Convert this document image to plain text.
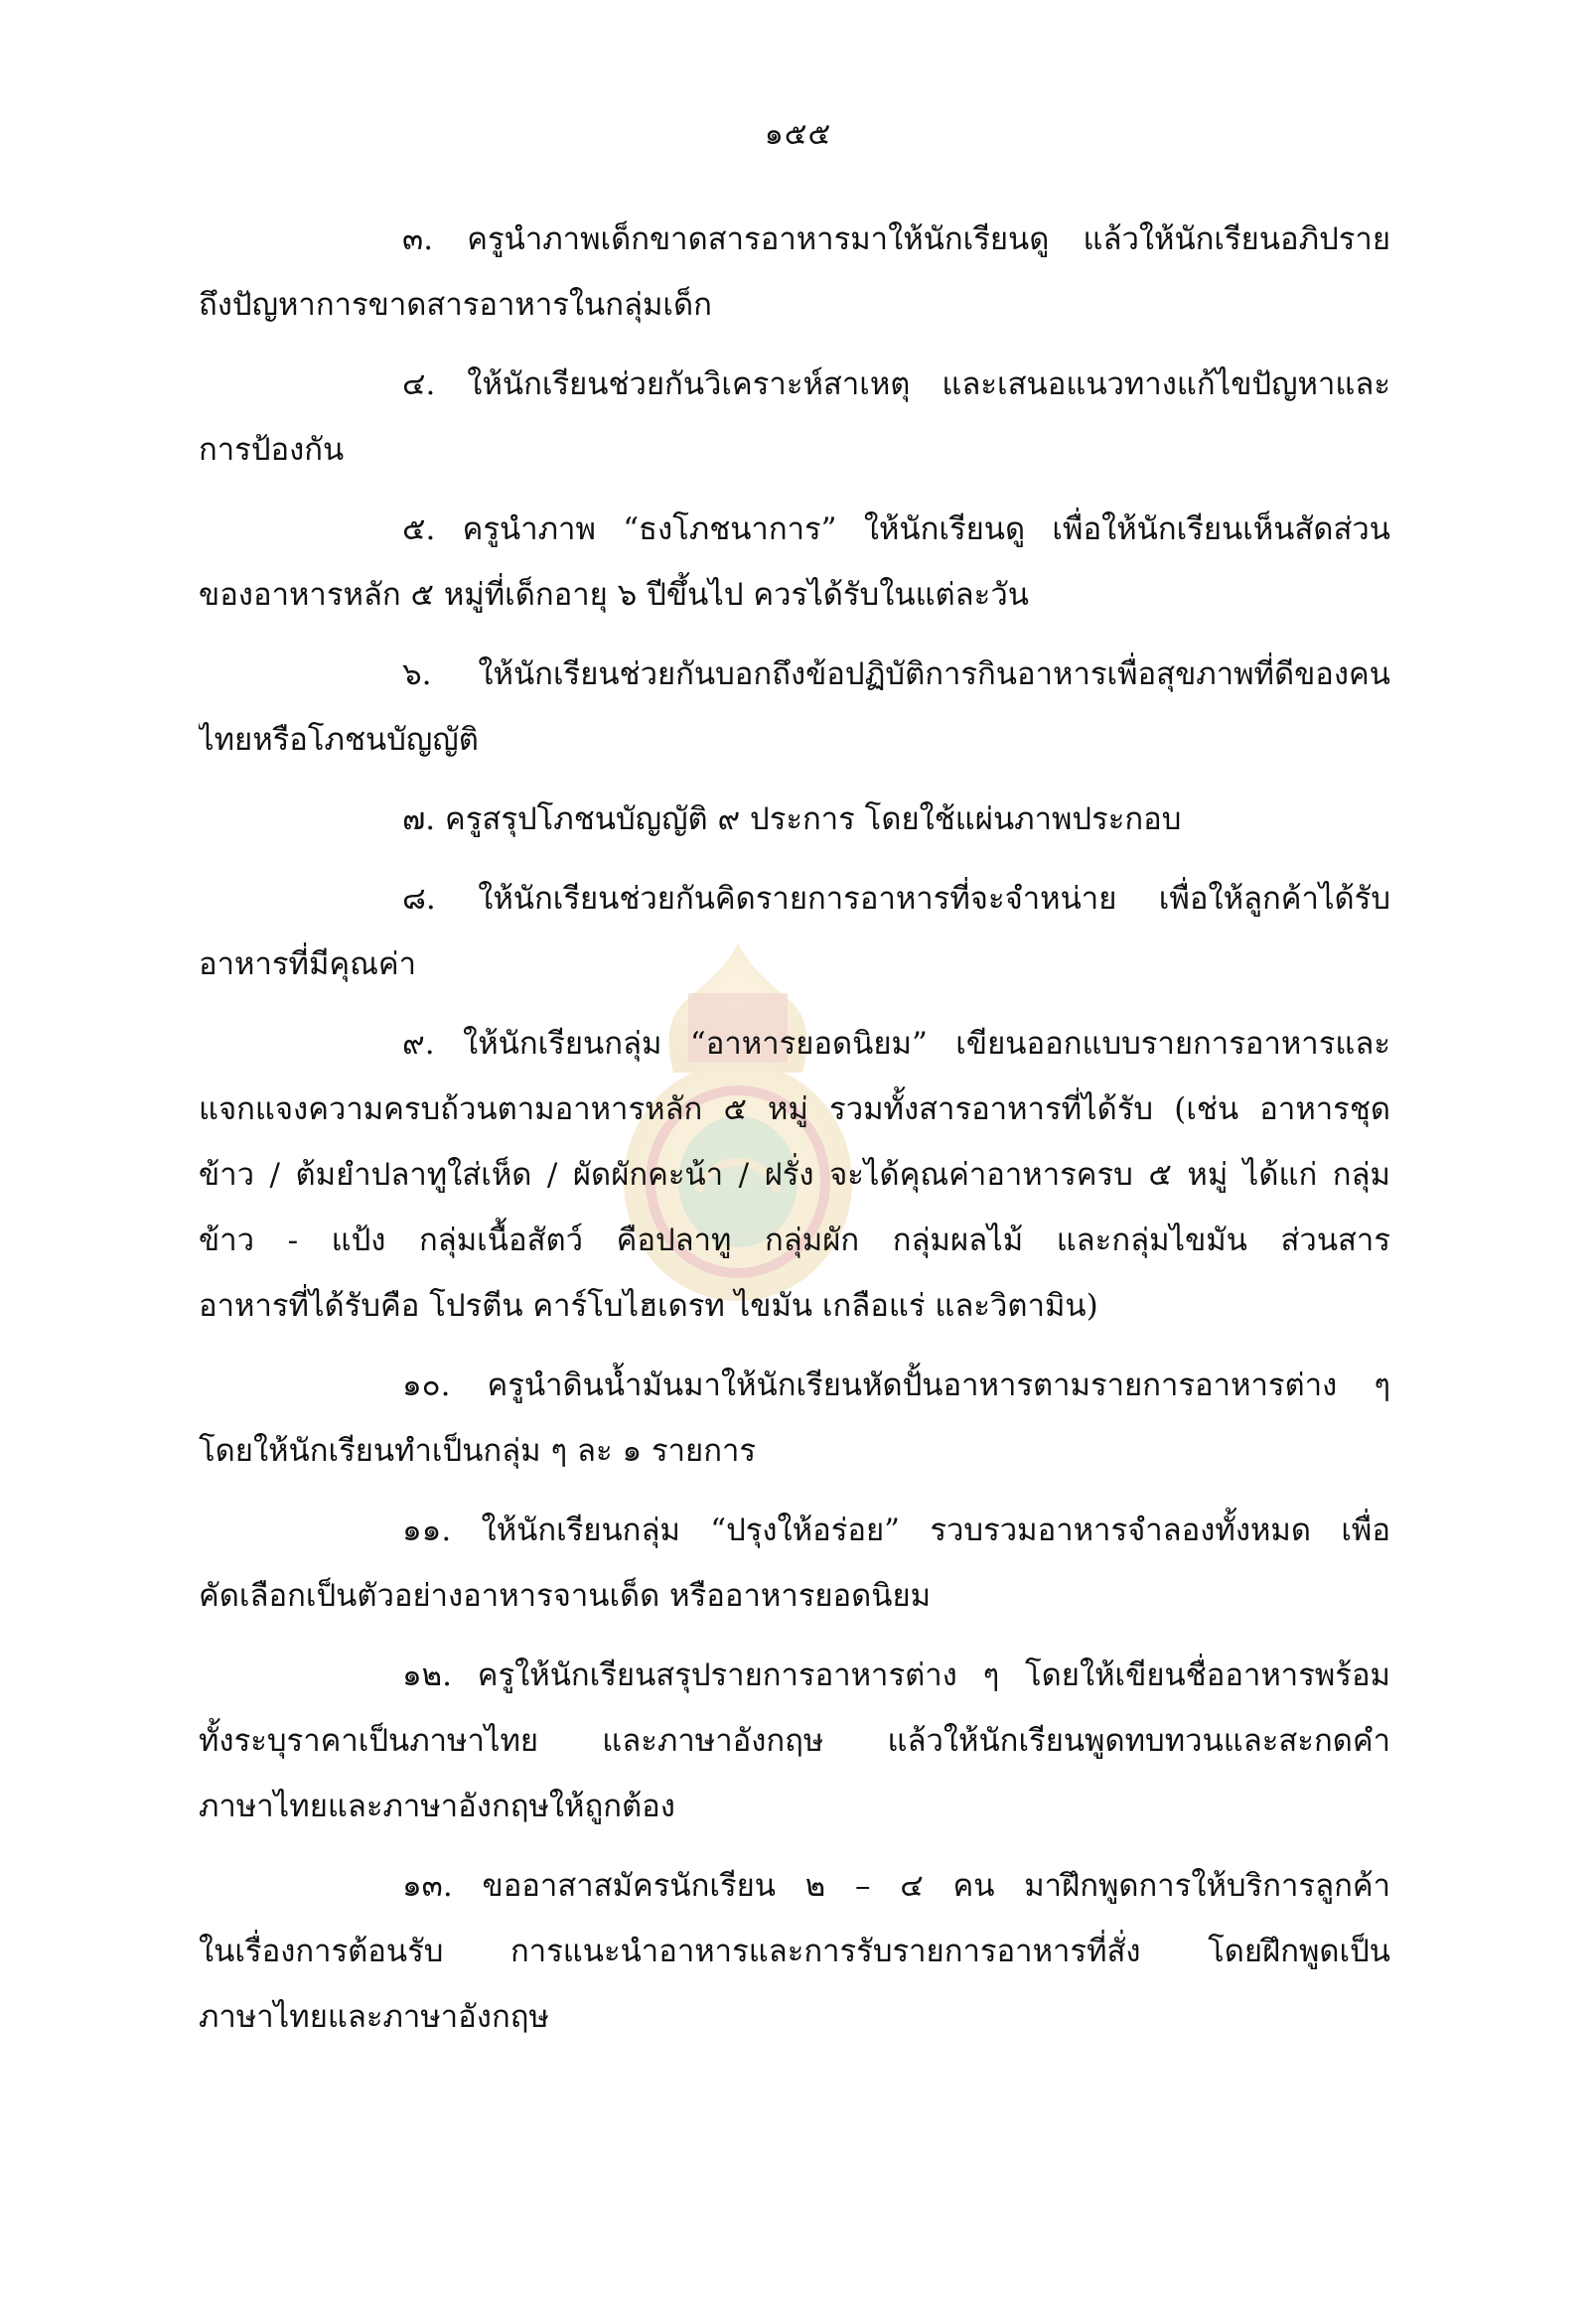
๑๕๕
๓. ครูนำภาพเด็กขาดสารอาหารมาให้นักเรียนดู แล้วให้นักเรียนอภิปราย
ถึงปัญหาการขาดสารอาหารในกลุ่มเด็ก
๔. ให้นักเรียนช่วยกันวิเคราะห์สาเหตุ และเสนอแนวทางแก้ไขปัญหาและ
การป้องกัน
๕. ครูนำภาพ “ธงโภชนาการ” ให้นักเรียนดู เพื่อให้นักเรียนเห็นสัดส่วน
ของอาหารหลัก ๕ หมู่ที่เด็กอายุ ๖ ปีขึ้นไป ควรได้รับในแต่ละวัน
๖. ให้นักเรียนช่วยกันบอกถึงข้อปฏิบัติการกินอาหารเพื่อสุขภาพที่ดีของคน
ไทยหรือโภชนบัญญัติ
๗. ครูสรุปโภชนบัญญัติ ๙ ประการ โดยใช้แผ่นภาพประกอบ
๘. ให้นักเรียนช่วยกันคิดรายการอาหารที่จะจำหน่าย เพื่อให้ลูกค้าได้รับ
อาหารที่มีคุณค่า
๙. ให้นักเรียนกลุ่ม “อาหารยอดนิยม” เขียนออกแบบรายการอาหารและ
แจกแจงความครบถ้วนตามอาหารหลัก ๕ หมู่ รวมทั้งสารอาหารที่ได้รับ (เช่น อาหารชุด
ข้าว / ต้มยำปลาทูใส่เห็ด / ผัดผักคะน้า / ฝรั่ง จะได้คุณค่าอาหารครบ ๕ หมู่ ได้แก่ กลุ่ม
ข้าว - แป้ง กลุ่มเนื้อสัตว์ คือปลาทู กลุ่มผัก กลุ่มผลไม้ และกลุ่มไขมัน ส่วนสาร
อาหารที่ได้รับคือ โปรตีน คาร์โบไฮเดรท ไขมัน เกลือแร่ และวิตามิน)
๑๐. ครูนำดินน้ำมันมาให้นักเรียนหัดปั้นอาหารตามรายการอาหารต่าง ๆ
โดยให้นักเรียนทำเป็นกลุ่ม ๆ ละ ๑ รายการ
๑๑. ให้นักเรียนกลุ่ม “ปรุงให้อร่อย” รวบรวมอาหารจำลองทั้งหมด เพื่อ
คัดเลือกเป็นตัวอย่างอาหารจานเด็ด หรืออาหารยอดนิยม
๑๒. ครูให้นักเรียนสรุปรายการอาหารต่าง ๆ โดยให้เขียนชื่ออาหารพร้อม
ทั้งระบุราคาเป็นภาษาไทย และภาษาอังกฤษ แล้วให้นักเรียนพูดทบทวนและสะกดคำ
ภาษาไทยและภาษาอังกฤษให้ถูกต้อง
๑๓. ขออาสาสมัครนักเรียน ๒ – ๔ คน มาฝึกพูดการให้บริการลูกค้า
ในเรื่องการต้อนรับ การแนะนำอาหารและการรับรายการอาหารที่สั่ง โดยฝึกพูดเป็น
ภาษาไทยและภาษาอังกฤษ
